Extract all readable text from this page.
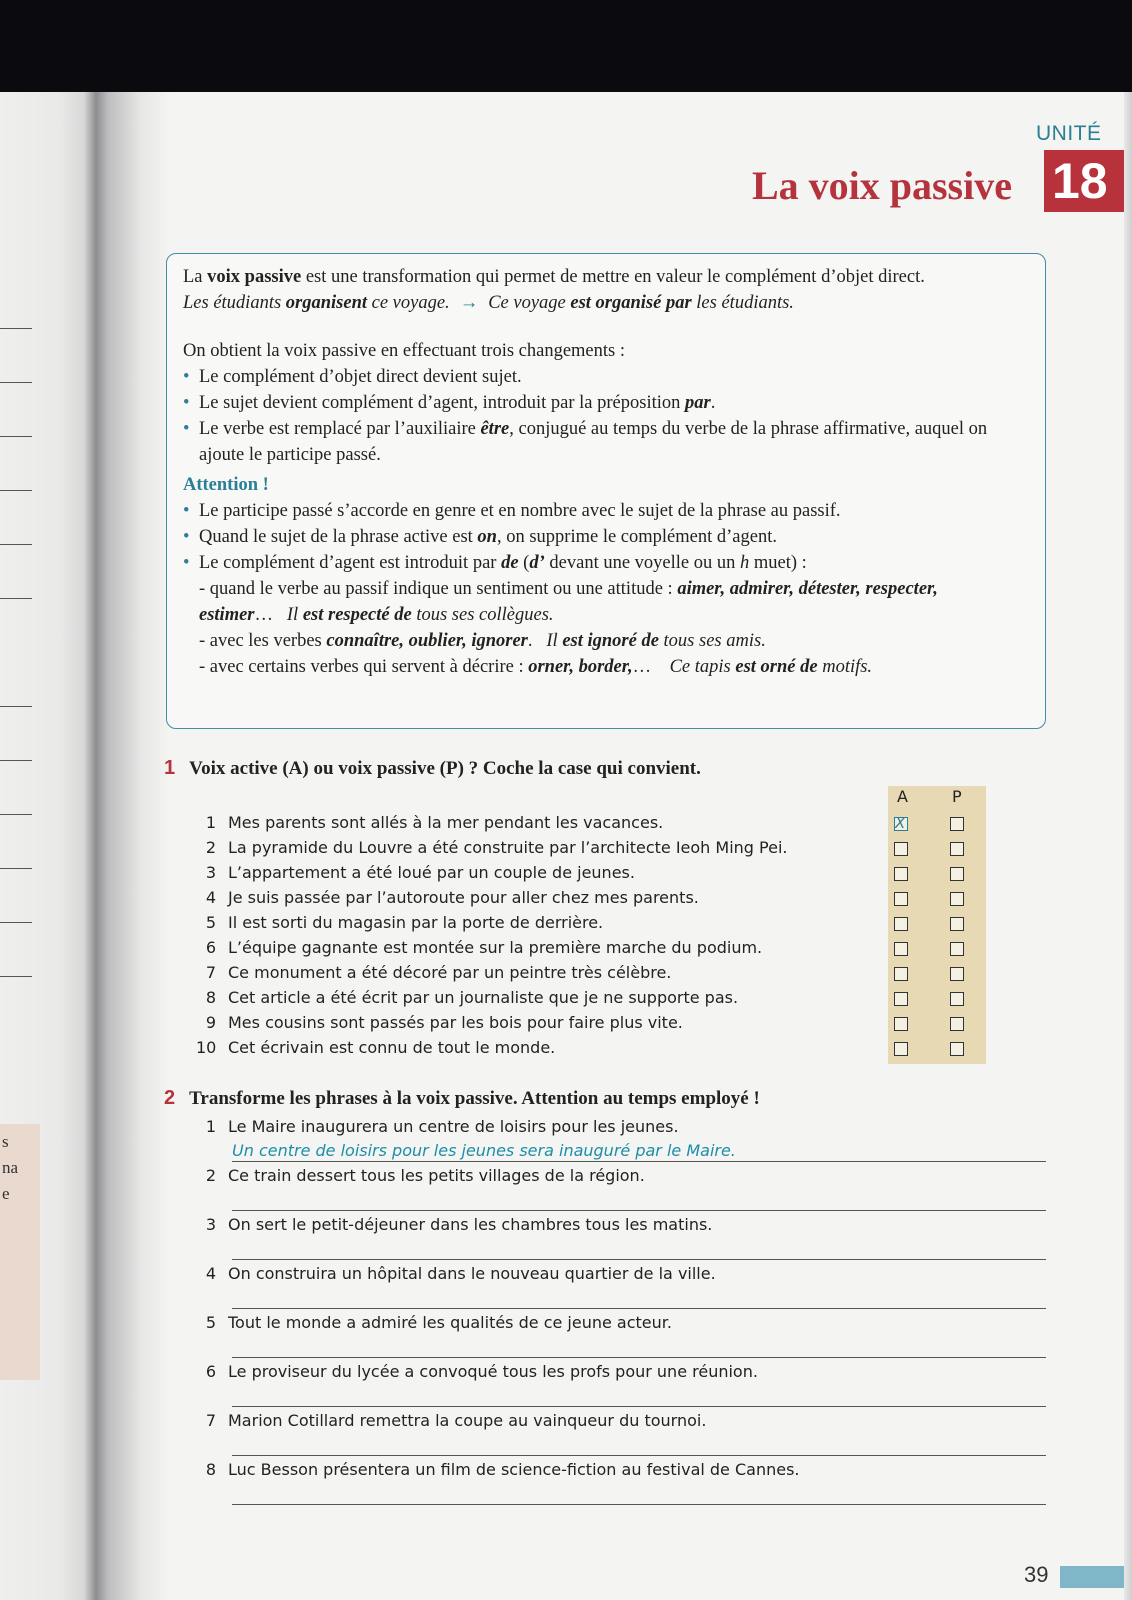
s
na
e
UNITÉ
18
La voix passive

La voix passive est une transformation qui permet de mettre en valeur le complément d’objet direct.

Les étudiants organisent ce voyage. → Ce voyage est organisé par les étudiants.

On obtient la voix passive en effectuant trois changements :

• Le complément d’objet direct devient sujet.

• Le sujet devient complément d’agent, introduit par la préposition par.

• Le verbe est remplacé par l’auxiliaire être, conjugué au temps du verbe de la phrase affirmative, auquel on ajoute le participe passé.

Attention !

• Le participe passé s’accorde en genre et en nombre avec le sujet de la phrase au passif.

• Quand le sujet de la phrase active est on, on supprime le complément d’agent.

• Le complément d’agent est introduit par de (d’ devant une voyelle ou un h muet) :

- quand le verbe au passif indique un sentiment ou une attitude : aimer, admirer, détester, respecter, estimer… Il est respecté de tous ses collègues.

- avec les verbes connaître, oublier, ignorer. Il est ignoré de tous ses amis.

- avec certains verbes qui servent à décrire : orner, border,… Ce tapis est orné de motifs.

1 Voix active (A) ou voix passive (P) ? Coche la case qui convient.
A	P
X
1 Mes parents sont allés à la mer pendant les vacances.
2 La pyramide du Louvre a été construite par l’architecte Ieoh Ming Pei.
3 L’appartement a été loué par un couple de jeunes.
4 Je suis passée par l’autoroute pour aller chez mes parents.
5 Il est sorti du magasin par la porte de derrière.
6 L’équipe gagnante est montée sur la première marche du podium.
7 Ce monument a été décoré par un peintre très célèbre.
8 Cet article a été écrit par un journaliste que je ne supporte pas.
9 Mes cousins sont passés par les bois pour faire plus vite.
10 Cet écrivain est connu de tout le monde.
2 Transforme les phrases à la voix passive. Attention au temps employé !
1 Le Maire inaugurera un centre de loisirs pour les jeunes.
2 Ce train dessert tous les petits villages de la région.
3 On sert le petit-déjeuner dans les chambres tous les matins.
4 On construira un hôpital dans le nouveau quartier de la ville.
5 Tout le monde a admiré les qualités de ce jeune acteur.
6 Le proviseur du lycée a convoqué tous les profs pour une réunion.
7 Marion Cotillard remettra la coupe au vainqueur du tournoi.
8 Luc Besson présentera un film de science-fiction au festival de Cannes.
Un centre de loisirs pour les jeunes sera inauguré par le Maire.
39
